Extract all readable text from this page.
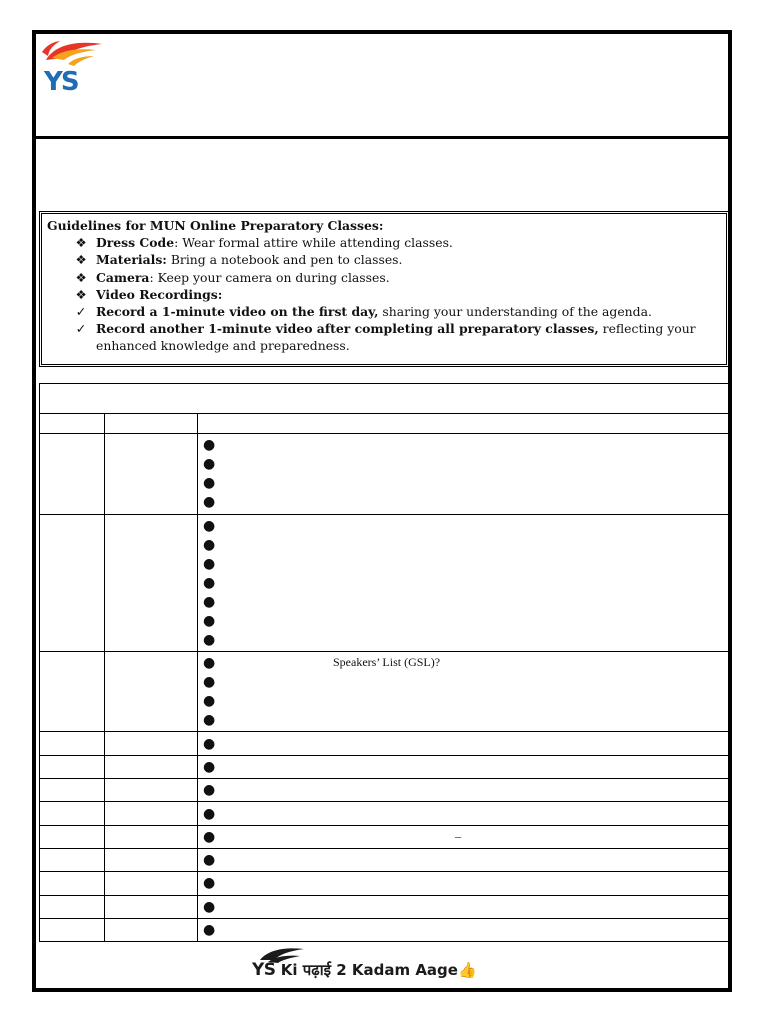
YS
Guidelines for MUN Online Preparatory Classes:
❖ Dress Code: Wear formal attire while attending classes.
❖ Materials: Bring a notebook and pen to classes.
❖ Camera: Keep your camera on during classes.
❖ Video Recordings:
✓ Record a 1-minute video on the first day, sharing your understanding of the agenda.
✓ Record another 1-minute video after completing all preparatory classes, reflecting your enhanced knowledge and preparedness.
●
●
●
●
●
●
●
●
●
●
●
●	Speakers’ List (GSL)?
●
●
●
●
●
●
●
●	–
●
●
●
●
YS Ki पढ़ाई 2 Kadam Aage👍
